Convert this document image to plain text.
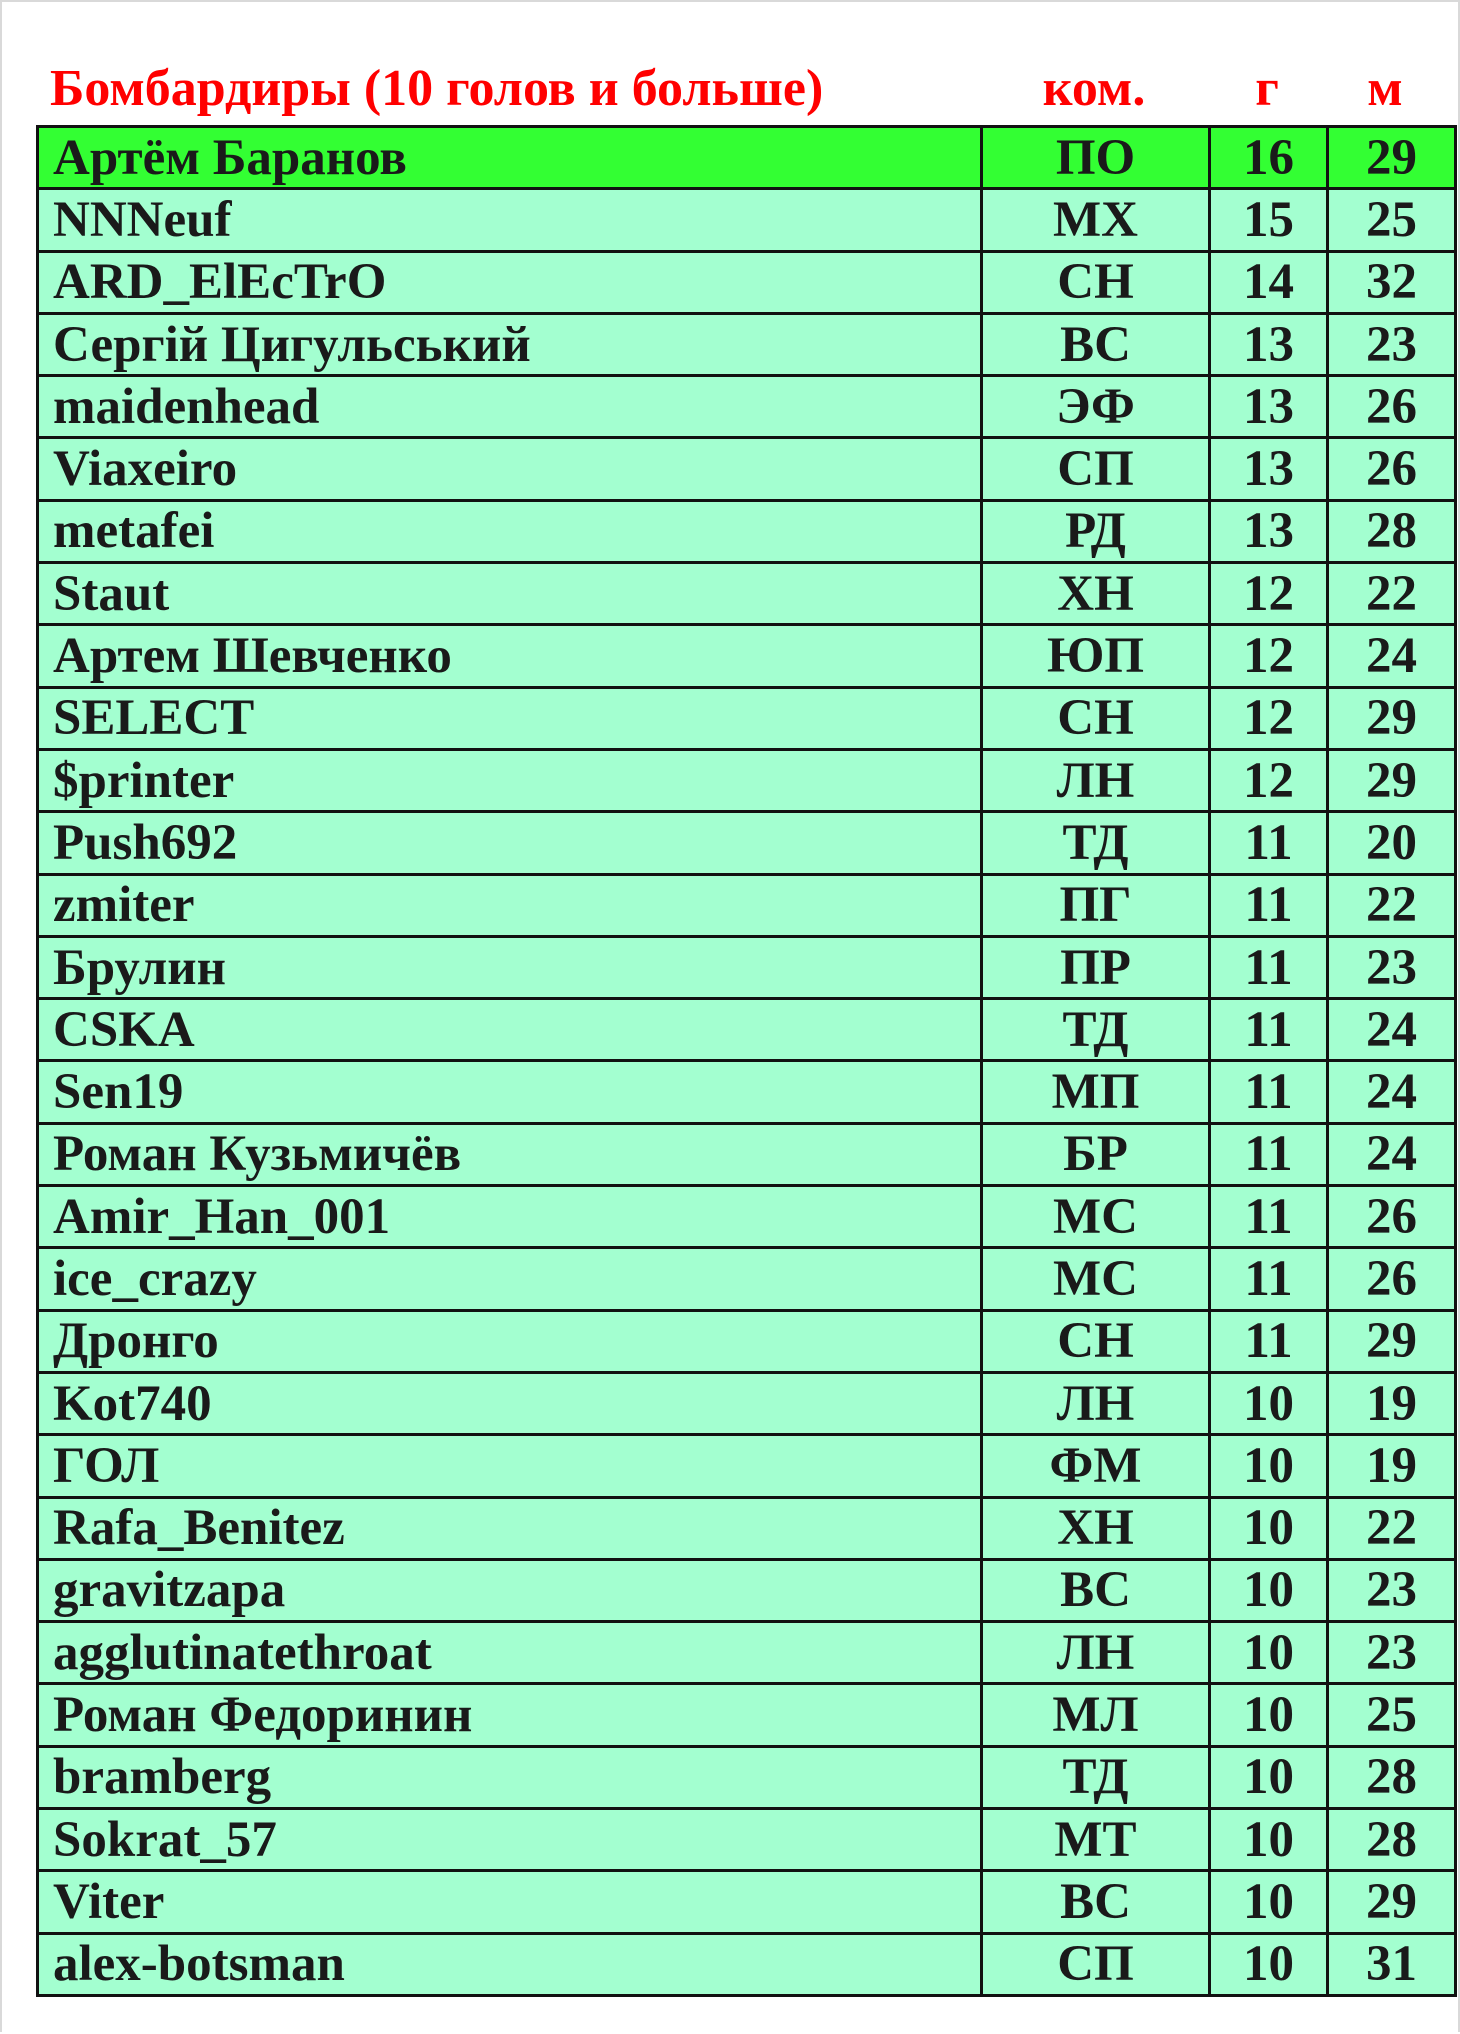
Бомбардиры (10 голов и больше)	ком.	г	м
Артём Баранов	ПО	16	29
NNNeuf	МХ	15	25
ARD_ElEcTrO	СН	14	32
Сергій Цигульський	ВС	13	23
maidenhead	ЭФ	13	26
Viaxeiro	СП	13	26
metafei	РД	13	28
Staut	ХН	12	22
Артем Шевченко	ЮП	12	24
SELECT	СН	12	29
$printer	ЛН	12	29
Push692	ТД	11	20
zmiter	ПГ	11	22
Брулин	ПР	11	23
CSKA	ТД	11	24
Sen19	МП	11	24
Роман Кузьмичёв	БР	11	24
Amir_Han_001	МС	11	26
ice_crazy	МС	11	26
Дронго	СН	11	29
Kot740	ЛН	10	19
ГОЛ	ФМ	10	19
Rafa_Benitez	ХН	10	22
gravitzapa	ВС	10	23
agglutinatethroat	ЛН	10	23
Роман Федоринин	МЛ	10	25
bramberg	ТД	10	28
Sokrat_57	МТ	10	28
Viter	ВС	10	29
alex-botsman	СП	10	31
